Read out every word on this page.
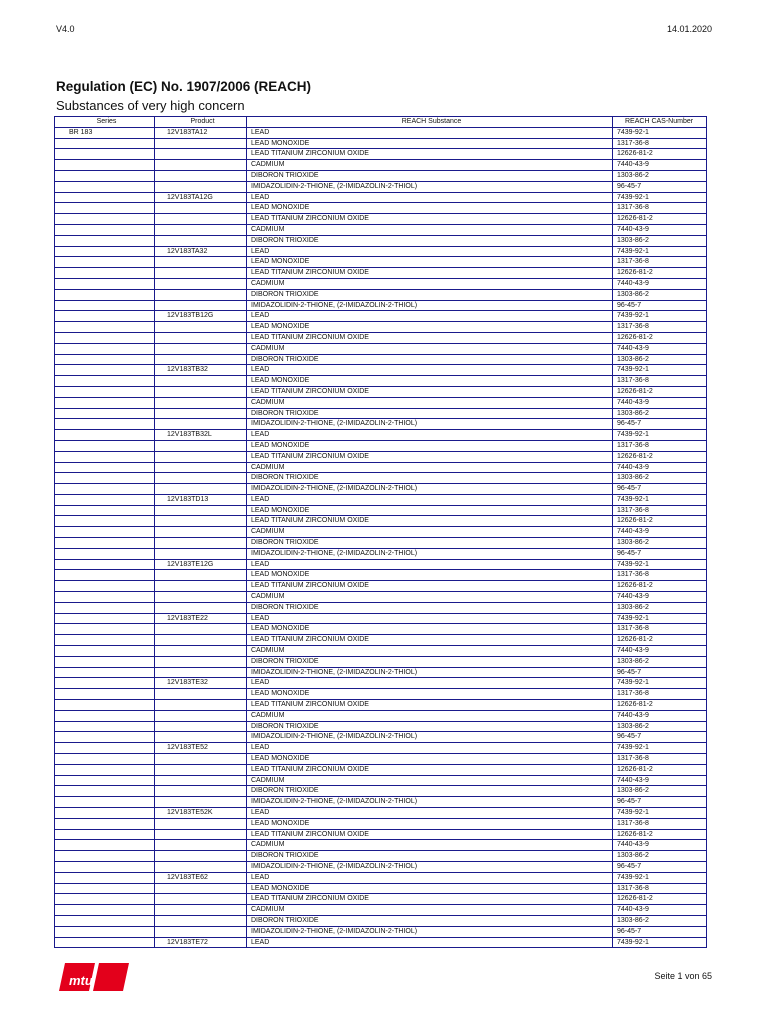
V4.0	14.01.2020
Regulation (EC) No. 1907/2006 (REACH)
Substances of very high concern
Series	Product	REACH Substance	REACH CAS-Number
BR 183	12V183TA12	LEAD	7439-92-1
		LEAD MONOXIDE	1317-36-8
		LEAD TITANIUM ZIRCONIUM OXIDE	12626-81-2
		CADMIUM	7440-43-9
		DIBORON TRIOXIDE	1303-86-2
		IMIDAZOLIDIN-2-THIONE, (2-IMIDAZOLIN-2-THIOL)	96-45-7
	12V183TA12G	LEAD	7439-92-1
		LEAD MONOXIDE	1317-36-8
		LEAD TITANIUM ZIRCONIUM OXIDE	12626-81-2
		CADMIUM	7440-43-9
		DIBORON TRIOXIDE	1303-86-2
	12V183TA32	LEAD	7439-92-1
		LEAD MONOXIDE	1317-36-8
		LEAD TITANIUM ZIRCONIUM OXIDE	12626-81-2
		CADMIUM	7440-43-9
		DIBORON TRIOXIDE	1303-86-2
		IMIDAZOLIDIN-2-THIONE, (2-IMIDAZOLIN-2-THIOL)	96-45-7
	12V183TB12G	LEAD	7439-92-1
		LEAD MONOXIDE	1317-36-8
		LEAD TITANIUM ZIRCONIUM OXIDE	12626-81-2
		CADMIUM	7440-43-9
		DIBORON TRIOXIDE	1303-86-2
	12V183TB32	LEAD	7439-92-1
		LEAD MONOXIDE	1317-36-8
		LEAD TITANIUM ZIRCONIUM OXIDE	12626-81-2
		CADMIUM	7440-43-9
		DIBORON TRIOXIDE	1303-86-2
		IMIDAZOLIDIN-2-THIONE, (2-IMIDAZOLIN-2-THIOL)	96-45-7
	12V183TB32L	LEAD	7439-92-1
		LEAD MONOXIDE	1317-36-8
		LEAD TITANIUM ZIRCONIUM OXIDE	12626-81-2
		CADMIUM	7440-43-9
		DIBORON TRIOXIDE	1303-86-2
		IMIDAZOLIDIN-2-THIONE, (2-IMIDAZOLIN-2-THIOL)	96-45-7
	12V183TD13	LEAD	7439-92-1
		LEAD MONOXIDE	1317-36-8
		LEAD TITANIUM ZIRCONIUM OXIDE	12626-81-2
		CADMIUM	7440-43-9
		DIBORON TRIOXIDE	1303-86-2
		IMIDAZOLIDIN-2-THIONE, (2-IMIDAZOLIN-2-THIOL)	96-45-7
	12V183TE12G	LEAD	7439-92-1
		LEAD MONOXIDE	1317-36-8
		LEAD TITANIUM ZIRCONIUM OXIDE	12626-81-2
		CADMIUM	7440-43-9
		DIBORON TRIOXIDE	1303-86-2
	12V183TE22	LEAD	7439-92-1
		LEAD MONOXIDE	1317-36-8
		LEAD TITANIUM ZIRCONIUM OXIDE	12626-81-2
		CADMIUM	7440-43-9
		DIBORON TRIOXIDE	1303-86-2
		IMIDAZOLIDIN-2-THIONE, (2-IMIDAZOLIN-2-THIOL)	96-45-7
	12V183TE32	LEAD	7439-92-1
		LEAD MONOXIDE	1317-36-8
		LEAD TITANIUM ZIRCONIUM OXIDE	12626-81-2
		CADMIUM	7440-43-9
		DIBORON TRIOXIDE	1303-86-2
		IMIDAZOLIDIN-2-THIONE, (2-IMIDAZOLIN-2-THIOL)	96-45-7
	12V183TE52	LEAD	7439-92-1
		LEAD MONOXIDE	1317-36-8
		LEAD TITANIUM ZIRCONIUM OXIDE	12626-81-2
		CADMIUM	7440-43-9
		DIBORON TRIOXIDE	1303-86-2
		IMIDAZOLIDIN-2-THIONE, (2-IMIDAZOLIN-2-THIOL)	96-45-7
	12V183TE52K	LEAD	7439-92-1
		LEAD MONOXIDE	1317-36-8
		LEAD TITANIUM ZIRCONIUM OXIDE	12626-81-2
		CADMIUM	7440-43-9
		DIBORON TRIOXIDE	1303-86-2
		IMIDAZOLIDIN-2-THIONE, (2-IMIDAZOLIN-2-THIOL)	96-45-7
	12V183TE62	LEAD	7439-92-1
		LEAD MONOXIDE	1317-36-8
		LEAD TITANIUM ZIRCONIUM OXIDE	12626-81-2
		CADMIUM	7440-43-9
		DIBORON TRIOXIDE	1303-86-2
		IMIDAZOLIDIN-2-THIONE, (2-IMIDAZOLIN-2-THIOL)	96-45-7
	12V183TE72	LEAD	7439-92-1
mtu	Seite 1 von 65
